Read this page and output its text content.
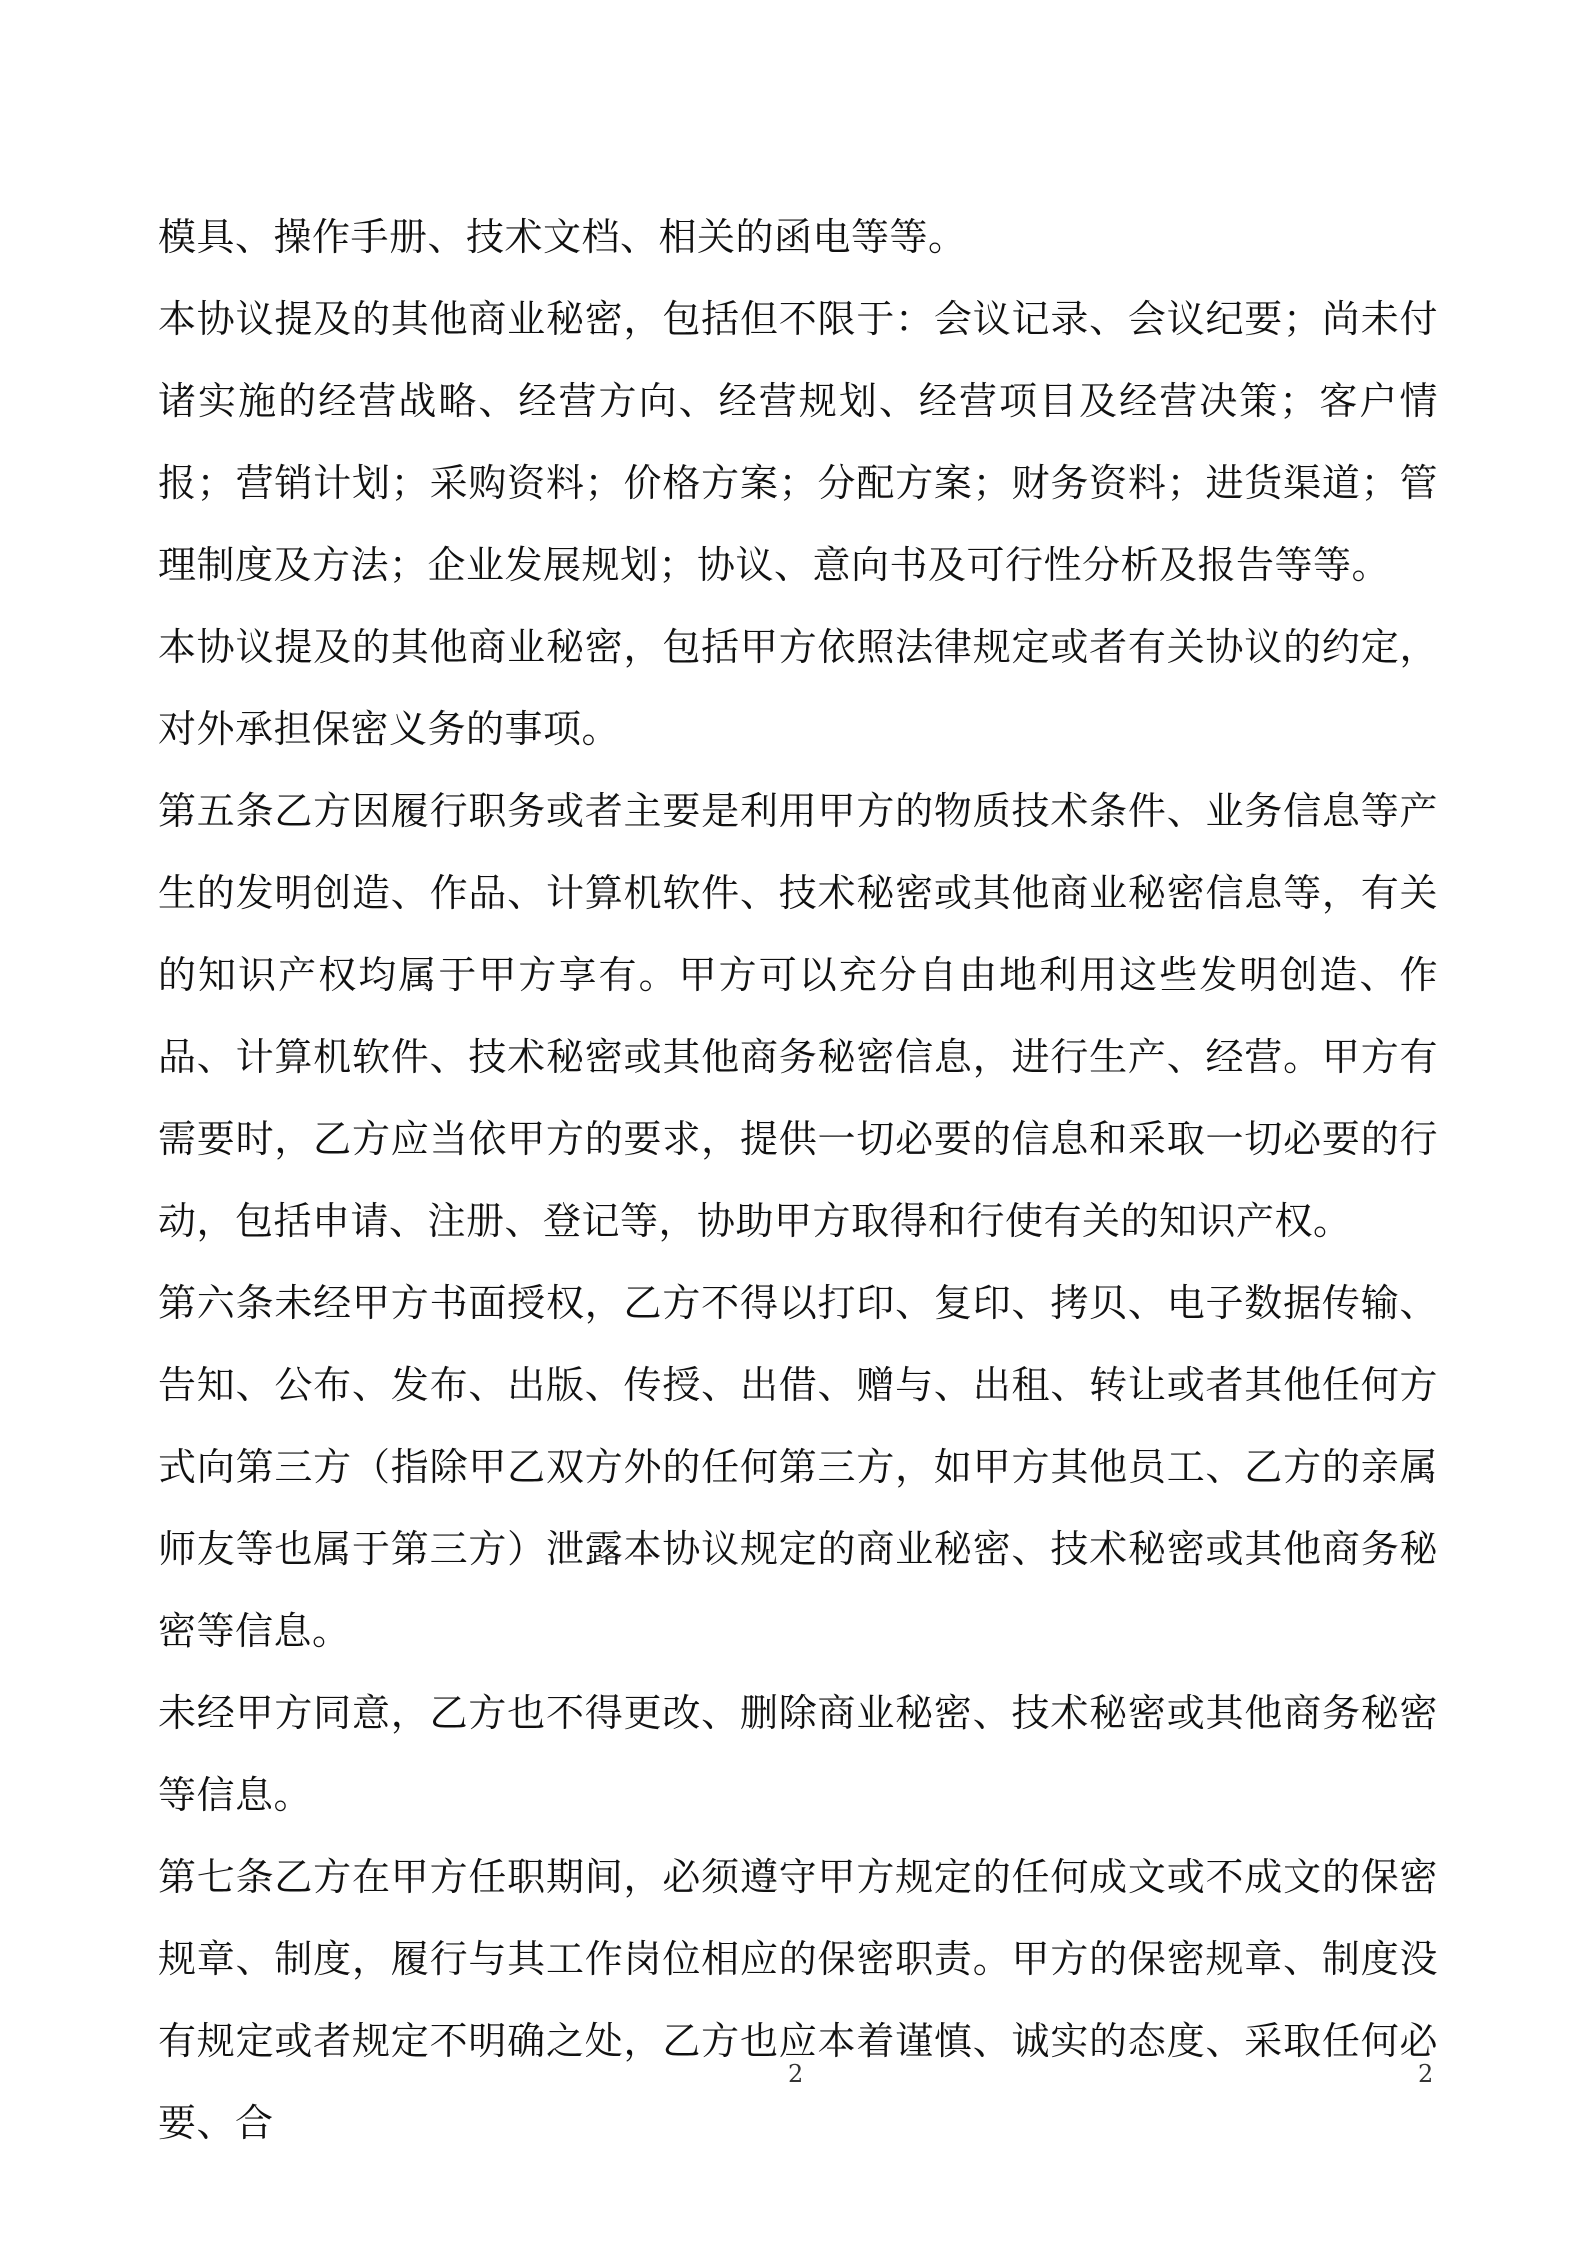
模具、操作手册、技术文档、相关的函电等等。

本协议提及的其他商业秘密，包括但不限于：会议记录、会议纪要；尚未付诸实施的经营战略、经营方向、经营规划、经营项目及经营决策；客户情报；营销计划；采购资料；价格方案；分配方案；财务资料；进货渠道；管理制度及方法；企业发展规划；协议、意向书及可行性分析及报告等等。

本协议提及的其他商业秘密，包括甲方依照法律规定或者有关协议的约定，对外承担保密义务的事项。

第五条乙方因履行职务或者主要是利用甲方的物质技术条件、业务信息等产生的发明创造、作品、计算机软件、技术秘密或其他商业秘密信息等，有关的知识产权均属于甲方享有。甲方可以充分自由地利用这些发明创造、作品、计算机软件、技术秘密或其他商务秘密信息，进行生产、经营。甲方有需要时，乙方应当依甲方的要求，提供一切必要的信息和采取一切必要的行动，包括申请、注册、登记等，协助甲方取得和行使有关的知识产权。

第六条未经甲方书面授权，乙方不得以打印、复印、拷贝、电子数据传输、告知、公布、发布、出版、传授、出借、赠与、出租、转让或者其他任何方式向第三方（指除甲乙双方外的任何第三方，如甲方其他员工、乙方的亲属师友等也属于第三方）泄露本协议规定的商业秘密、技术秘密或其他商务秘密等信息。

未经甲方同意，乙方也不得更改、删除商业秘密、技术秘密或其他商务秘密等信息。

第七条乙方在甲方任职期间，必须遵守甲方规定的任何成文或不成文的保密规章、制度，履行与其工作岗位相应的保密职责。甲方的保密规章、制度没有规定或者规定不明确之处，乙方也应本着谨慎、诚实的态度、采取任何必要、合

2	2
